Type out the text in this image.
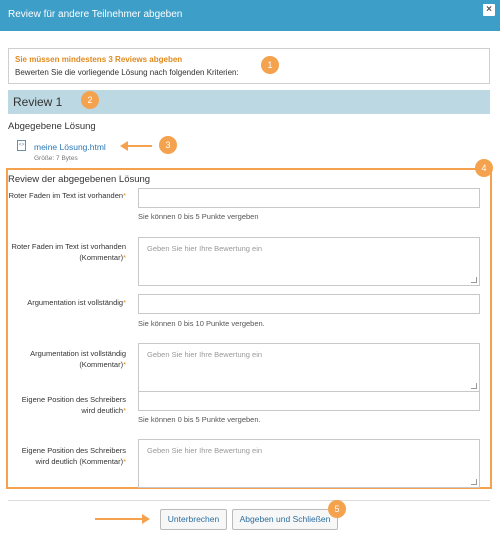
Review für andere Teilnehmer abgeben	×
Sie müssen mindestens 3 Reviews abgeben
Bewerten Sie die vorliegende Lösung nach folgenden Kriterien:
1
Review 1	2
Abgegebene Lösung
<> meine Lösung.html
Größe: 7 Bytes
3
4
Review der abgegebenen Lösung
Roter Faden im Text ist vorhanden*
Sie können 0 bis 5 Punkte vergeben
Roter Faden im Text ist vorhanden (Kommentar)*
Geben Sie hier Ihre Bewertung ein
Argumentation ist vollständig*
Sie können 0 bis 10 Punkte vergeben.
Argumentation ist vollständig (Kommentar)*
Geben Sie hier Ihre Bewertung ein
Eigene Position des Schreibers wird deutlich*
Sie können 0 bis 5 Punkte vergeben.
Eigene Position des Schreibers wird deutlich (Kommentar)*
Geben Sie hier Ihre Bewertung ein
Unterbrechen	Abgeben und Schließen
5
